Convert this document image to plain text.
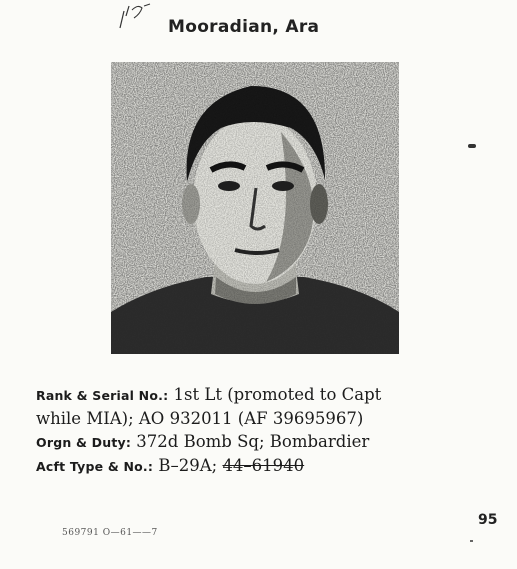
Mooradian, Ara
Rank & Serial No.: 1st Lt (promoted to Capt
while MIA); AO 932011 (AF 39695967)
Orgn & Duty: 372d Bomb Sq; Bombardier
Acft Type & No.: B–29A; 44–61940
569791 O—61——7
95
